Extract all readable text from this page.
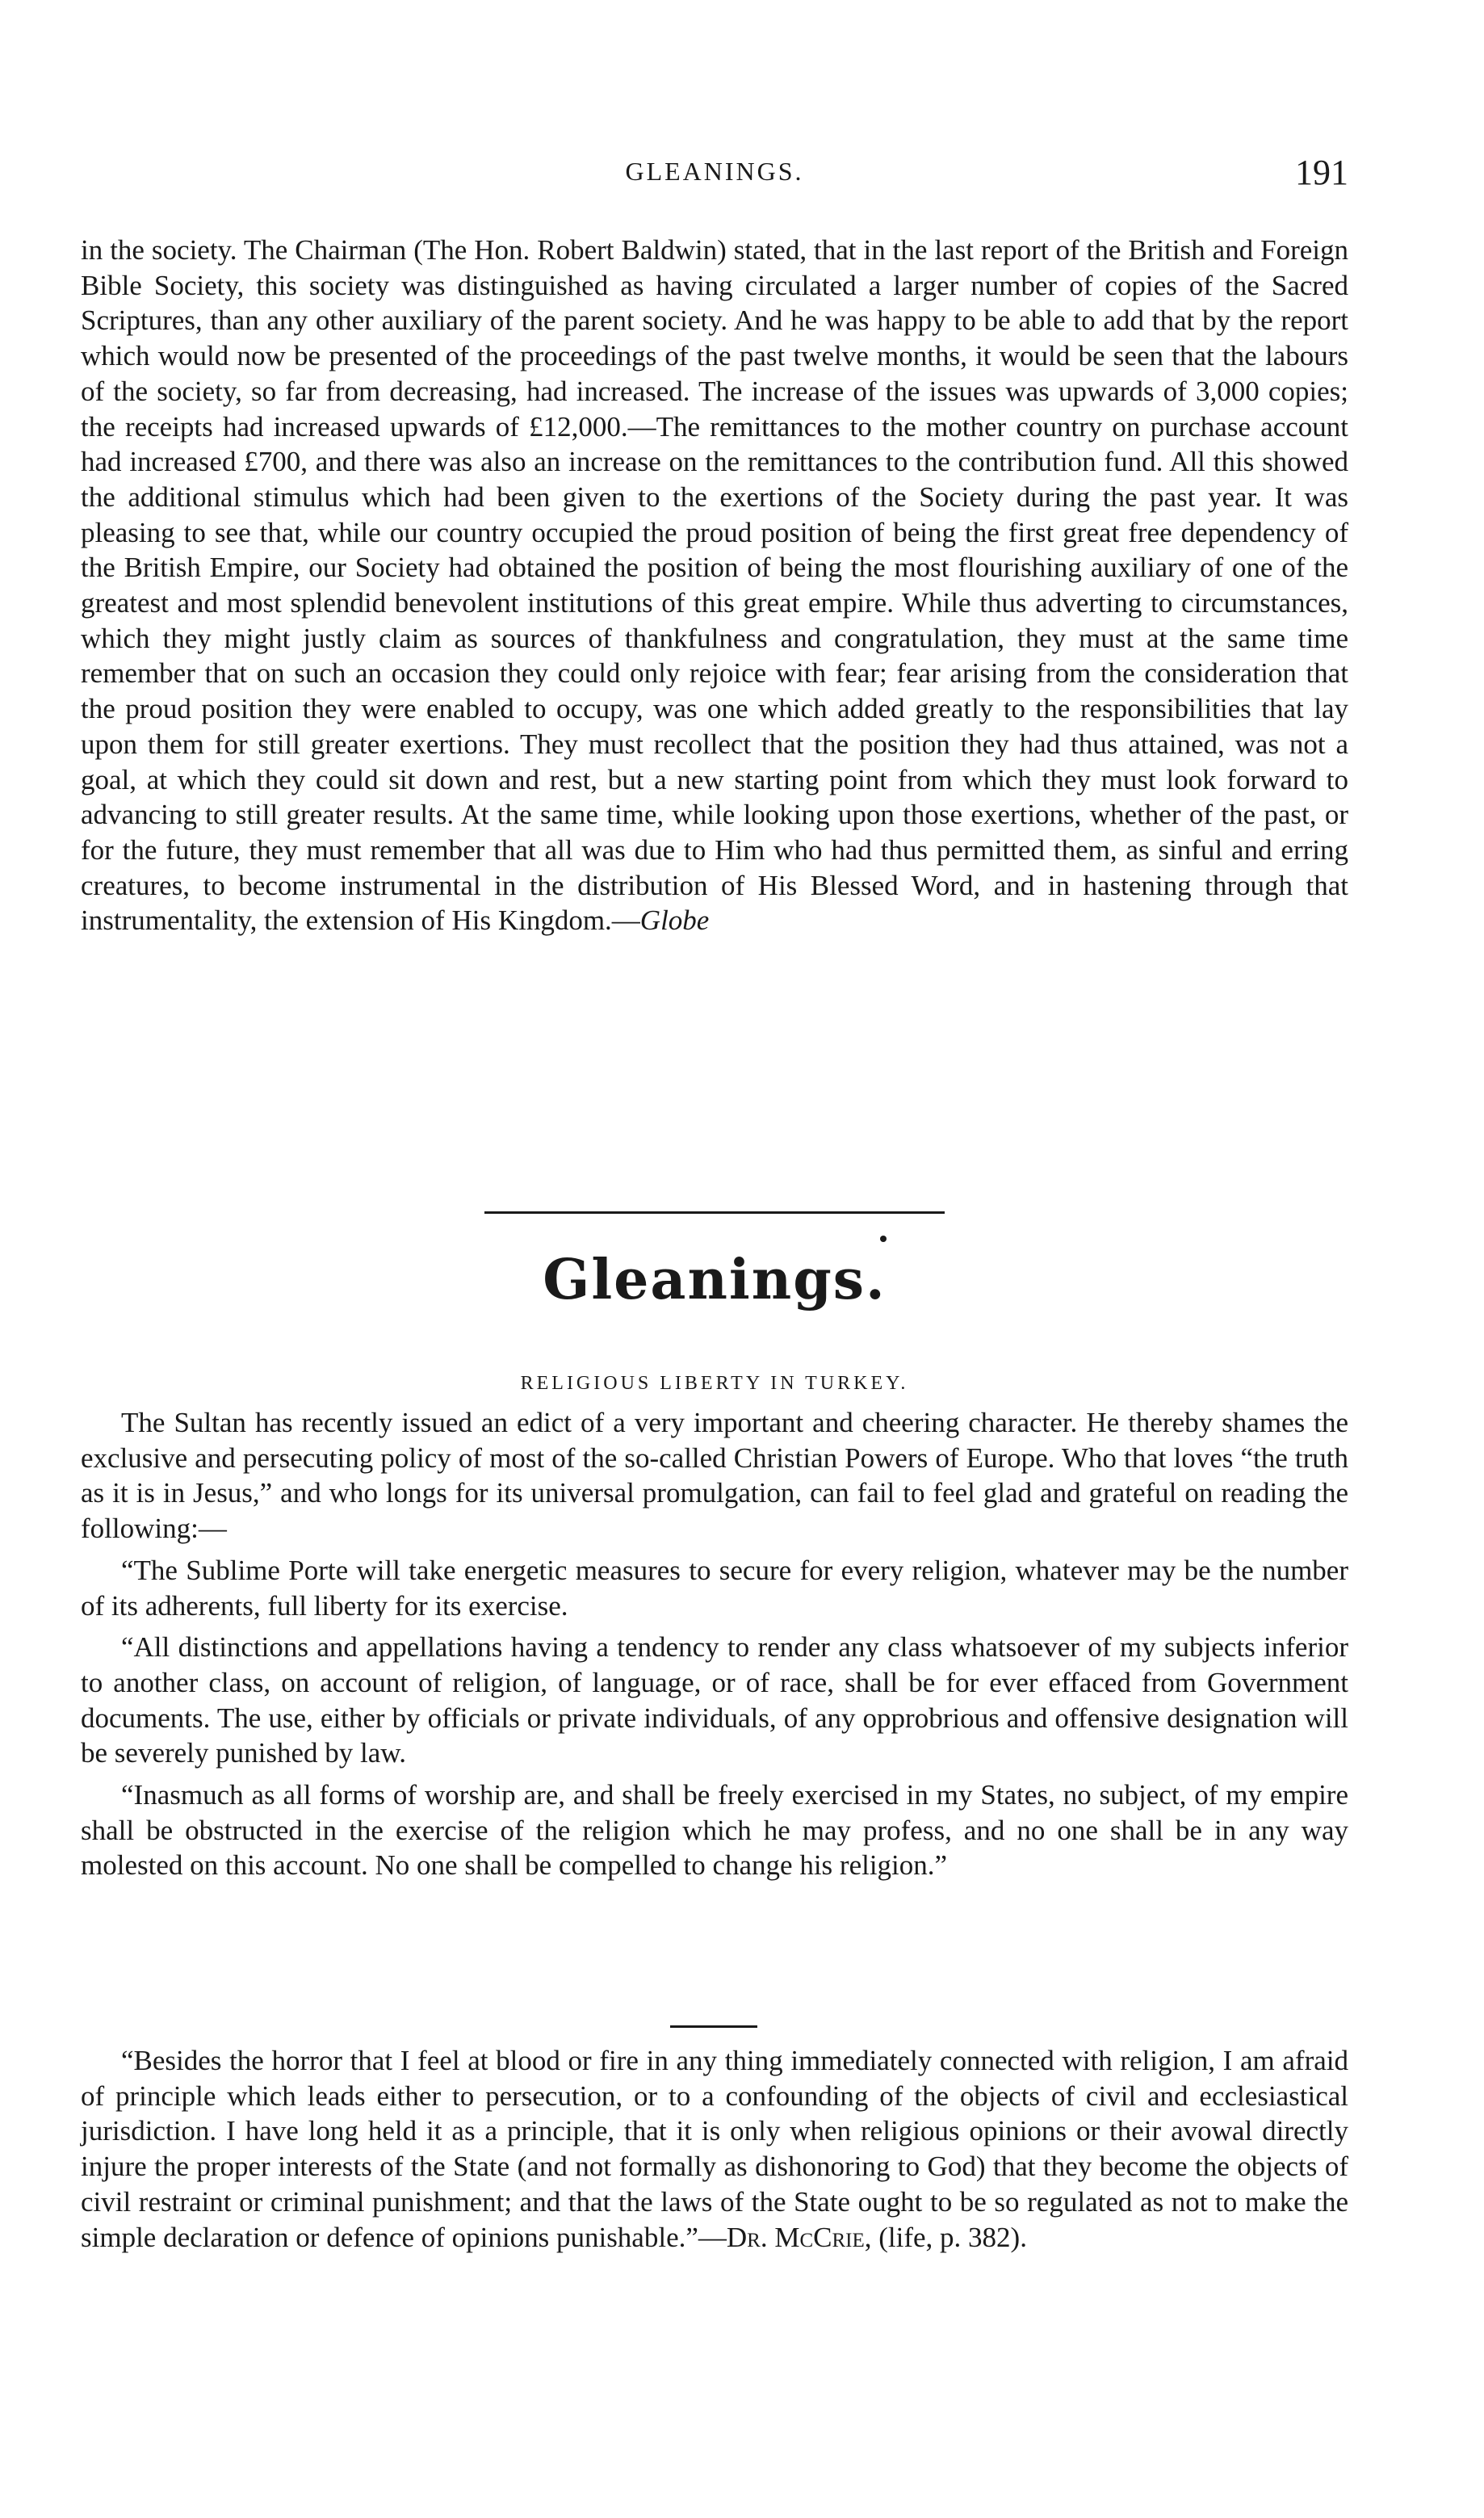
GLEANINGS.	191

in the society. The Chairman (The Hon. Robert Baldwin) stated, that in the last report of the British and Foreign Bible Society, this society was distinguished as having circulated a larger number of copies of the Sacred Scriptures, than any other auxiliary of the parent society. And he was happy to be able to add that by the report which would now be presented of the proceedings of the past twelve months, it would be seen that the labours of the society, so far from decreasing, had increased. The increase of the issues was upwards of 3,000 copies; the receipts had increased upwards of £12,000.—The remittances to the mother country on purchase account had increased £700, and there was also an increase on the remittances to the contribution fund. All this showed the additional stimulus which had been given to the exertions of the Society during the past year. It was pleasing to see that, while our country occupied the proud position of being the first great free dependency of the British Empire, our Society had obtained the position of being the most flourishing auxiliary of one of the greatest and most splendid benevolent institutions of this great empire. While thus adverting to circumstances, which they might justly claim as sources of thankfulness and congratulation, they must at the same time remember that on such an occasion they could only rejoice with fear; fear arising from the consideration that the proud position they were enabled to occupy, was one which added greatly to the responsibilities that lay upon them for still greater exertions. They must recollect that the position they had thus attained, was not a goal, at which they could sit down and rest, but a new starting point from which they must look forward to advancing to still greater results. At the same time, while looking upon those exertions, whether of the past, or for the future, they must remember that all was due to Him who had thus permitted them, as sinful and erring creatures, to become instrumental in the distribution of His Blessed Word, and in hastening through that instrumentality, the extension of His Kingdom.—Globe

Gleanings.
RELIGIOUS LIBERTY IN TURKEY.

The Sultan has recently issued an edict of a very important and cheering character. He thereby shames the exclusive and persecuting policy of most of the so-called Christian Powers of Europe. Who that loves “the truth as it is in Jesus,” and who longs for its universal promulgation, can fail to feel glad and grateful on reading the following:—

“The Sublime Porte will take energetic measures to secure for every religion, whatever may be the number of its adherents, full liberty for its exercise.

“All distinctions and appellations having a tendency to render any class whatsoever of my subjects inferior to another class, on account of religion, of language, or of race, shall be for ever effaced from Government documents. The use, either by officials or private individuals, of any opprobrious and offensive designation will be severely punished by law.

“Inasmuch as all forms of worship are, and shall be freely exercised in my States, no subject, of my empire shall be obstructed in the exercise of the religion which he may profess, and no one shall be in any way molested on this account. No one shall be compelled to change his religion.”

“Besides the horror that I feel at blood or fire in any thing immediately connected with religion, I am afraid of principle which leads either to persecution, or to a confounding of the objects of civil and ecclesiastical jurisdiction. I have long held it as a principle, that it is only when religious opinions or their avowal directly injure the proper interests of the State (and not formally as dishonoring to God) that they become the objects of civil restraint or criminal punishment; and that the laws of the State ought to be so regulated as not to make the simple declaration or defence of opinions punishable.”—Dr. McCrie, (life, p. 382).
